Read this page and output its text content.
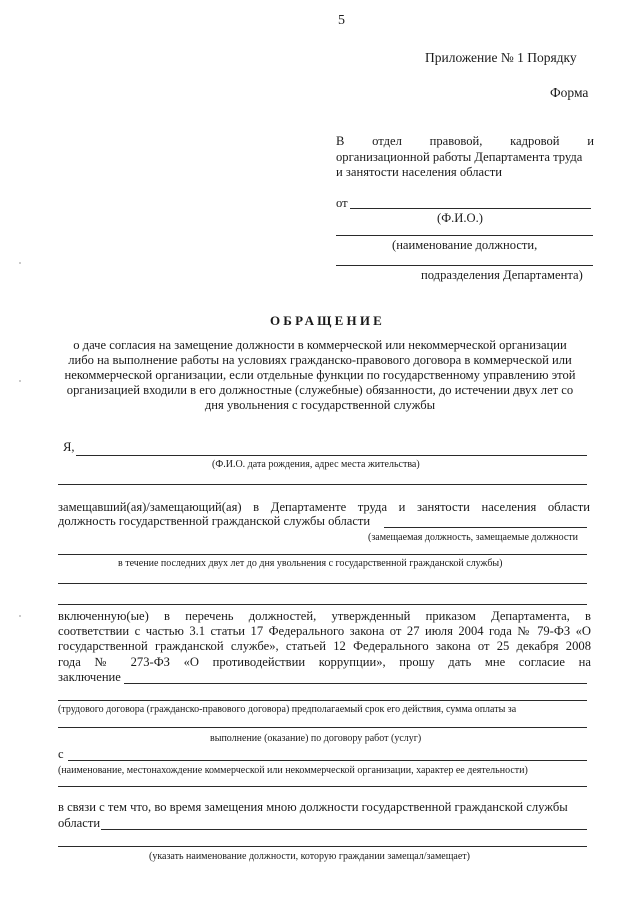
5
Приложение № 1 Порядку
Форма
В отдел правовой, кадровой и
организационной работы Департамента труда
и занятости населения области
от
(Ф.И.О.)
(наименование должности,
подразделения Департамента)
ОБРАЩЕНИЕ
о даче согласия на замещение должности в коммерческой или некоммерческой организации
либо на выполнение работы на условиях гражданско-правового договора в коммерческой или
некоммерческой организации, если отдельные функции по государственному управлению этой
организацией входили в его должностные (служебные) обязанности, до истечении двух лет со
дня увольнения с государственной службы
Я,
(Ф.И.О. дата рождения, адрес места жительства)
замещавший(ая)/замещающий(ая) в Департаменте труда и занятости населения области
должность государственной гражданской службы области
(замещаемая должность, замещаемые должности
в течение последних двух лет до дня увольнения с государственной гражданской службы)
включенную(ые) в перечень должностей, утвержденный приказом Департамента, в
соответствии с частью 3.1 статьи 17 Федерального закона от 27 июля 2004 года № 79-ФЗ «О
государственной гражданской службе», статьей 12 Федерального закона от 25 декабря 2008
года № 273-ФЗ «О противодействии коррупции», прошу дать мне согласие на
заключение
(трудового договора (гражданско-правового договора) предполагаемый срок его действия, сумма оплаты за
выполнение (оказание) по договору работ (услуг)
с
(наименование, местонахождение коммерческой или некоммерческой организации, характер ее деятельности)
в связи с тем что, во время замещения мною должности государственной гражданской службы
области
(указать наименование должности, которую граждании замещал/замещает)
